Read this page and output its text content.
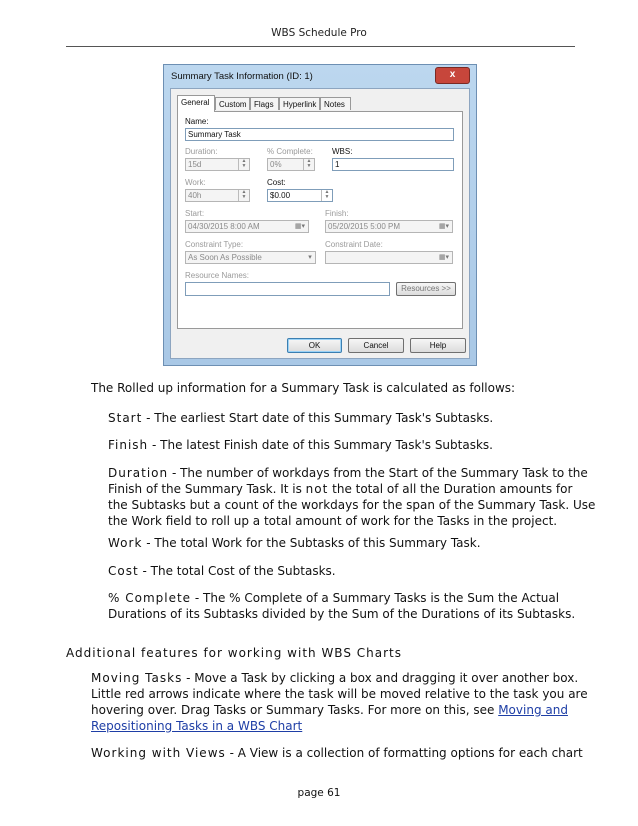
WBS Schedule Pro
Summary Task Information (ID: 1)	x
General	Custom Flags	Hyperlink Notes
Name:
Summary Task
Duration:
15d	▲
▼
% Complete:
0%	▲
▼
WBS:
1
Work:
40h	▲
▼
Cost:
$0.00	▲
▼
Start:
04/30/2015 8:00 AM	▦▾
Finish:
05/20/2015 5:00 PM	▦▾
Constraint Type:
As Soon As Possible	▾
Constraint Date:
▦▾
Resource Names:
Resources >>
OK	Cancel	Help
The Rolled up information for a Summary Task is calculated as follows:
Start - The earliest Start date of this Summary Task's Subtasks.
Finish - The latest Finish date of this Summary Task's Subtasks.
Duration - The number of workdays from the Start of the Summary Task to the
Finish of the Summary Task. It is not the total of all the Duration amounts for
the Subtasks but a count of the workdays for the span of the Summary Task. Use
the Work field to roll up a total amount of work for the Tasks in the project.
Work - The total Work for the Subtasks of this Summary Task.
Cost - The total Cost of the Subtasks.
% Complete - The % Complete of a Summary Tasks is the Sum the Actual
Durations of its Subtasks divided by the Sum of the Durations of its Subtasks.
Additional features for working with WBS Charts
Moving Tasks - Move a Task by clicking a box and dragging it over another box.
Little red arrows indicate where the task will be moved relative to the task you are
hovering over. Drag Tasks or Summary Tasks. For more on this, see Moving and
Repositioning Tasks in a WBS Chart
Working with Views - A View is a collection of formatting options for each chart
page 61
